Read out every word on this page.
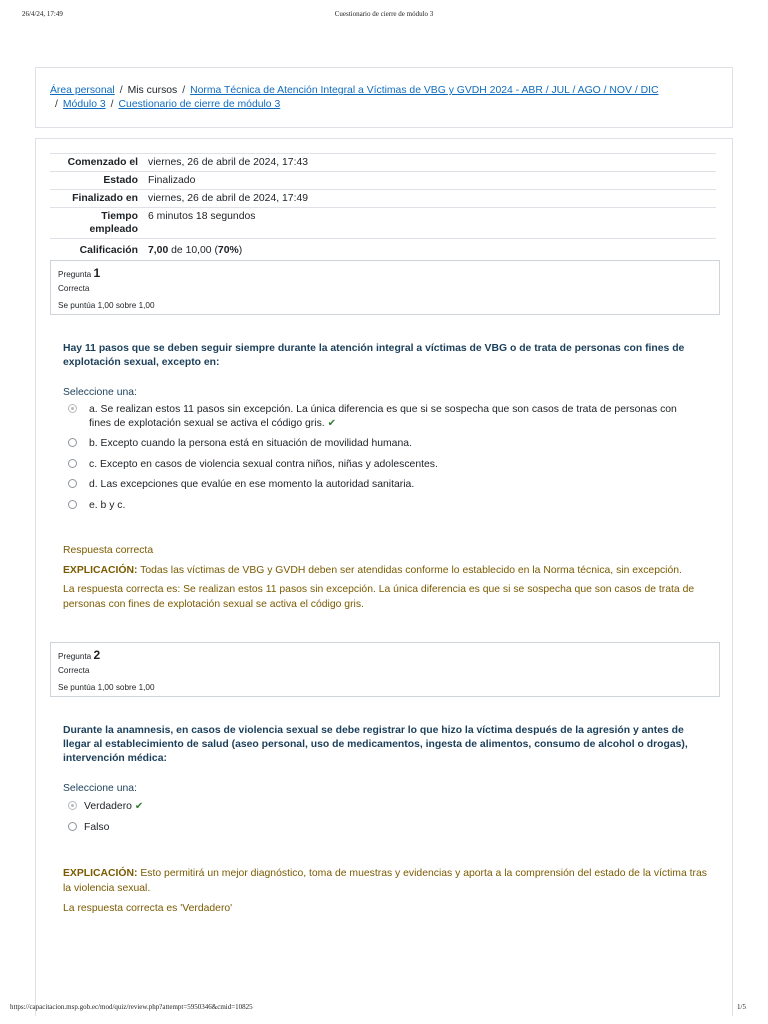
26/4/24, 17:49	Cuestionario de cierre de módulo 3
Área personal / Mis cursos / Norma Técnica de Atención Integral a Víctimas de VBG y GVDH 2024 - ABR / JUL / AGO / NOV / DIC
/ Módulo 3 / Cuestionario de cierre de módulo 3
Comenzado el	viernes, 26 de abril de 2024, 17:43
Estado	Finalizado
Finalizado en	viernes, 26 de abril de 2024, 17:49
Tiempo
empleado	6 minutos 18 segundos
Calificación	7,00 de 10,00 (70%)
Pregunta 1
Correcta
Se puntúa 1,00 sobre 1,00
Hay 11 pasos que se deben seguir siempre durante la atención integral a víctimas de VBG o de trata de personas con fines de explotación sexual, excepto en:
Seleccione una:
a. Se realizan estos 11 pasos sin excepción. La única diferencia es que si se sospecha que son casos de trata de personas con fines de explotación sexual se activa el código gris. ✔
b. Excepto cuando la persona está en situación de movilidad humana.
c. Excepto en casos de violencia sexual contra niños, niñas y adolescentes.
d. Las excepciones que evalúe en ese momento la autoridad sanitaria.
e. b y c.
Respuesta correcta
EXPLICACIÓN: Todas las víctimas de VBG y GVDH deben ser atendidas conforme lo establecido en la Norma técnica, sin excepción.
La respuesta correcta es: Se realizan estos 11 pasos sin excepción. La única diferencia es que si se sospecha que son casos de trata de personas con fines de explotación sexual se activa el código gris.
Pregunta 2
Correcta
Se puntúa 1,00 sobre 1,00
Durante la anamnesis, en casos de violencia sexual se debe registrar lo que hizo la víctima después de la agresión y antes de llegar al establecimiento de salud (aseo personal, uso de medicamentos, ingesta de alimentos, consumo de alcohol o drogas), intervención médica:
Seleccione una:
Verdadero ✔
Falso
EXPLICACIÓN: Esto permitirá un mejor diagnóstico, toma de muestras y evidencias y aporta a la comprensión del estado de la víctima tras la violencia sexual.
La respuesta correcta es 'Verdadero'
https://capacitacion.msp.gob.ec/mod/quiz/review.php?attempt=5950346&cmid=10825	1/5
